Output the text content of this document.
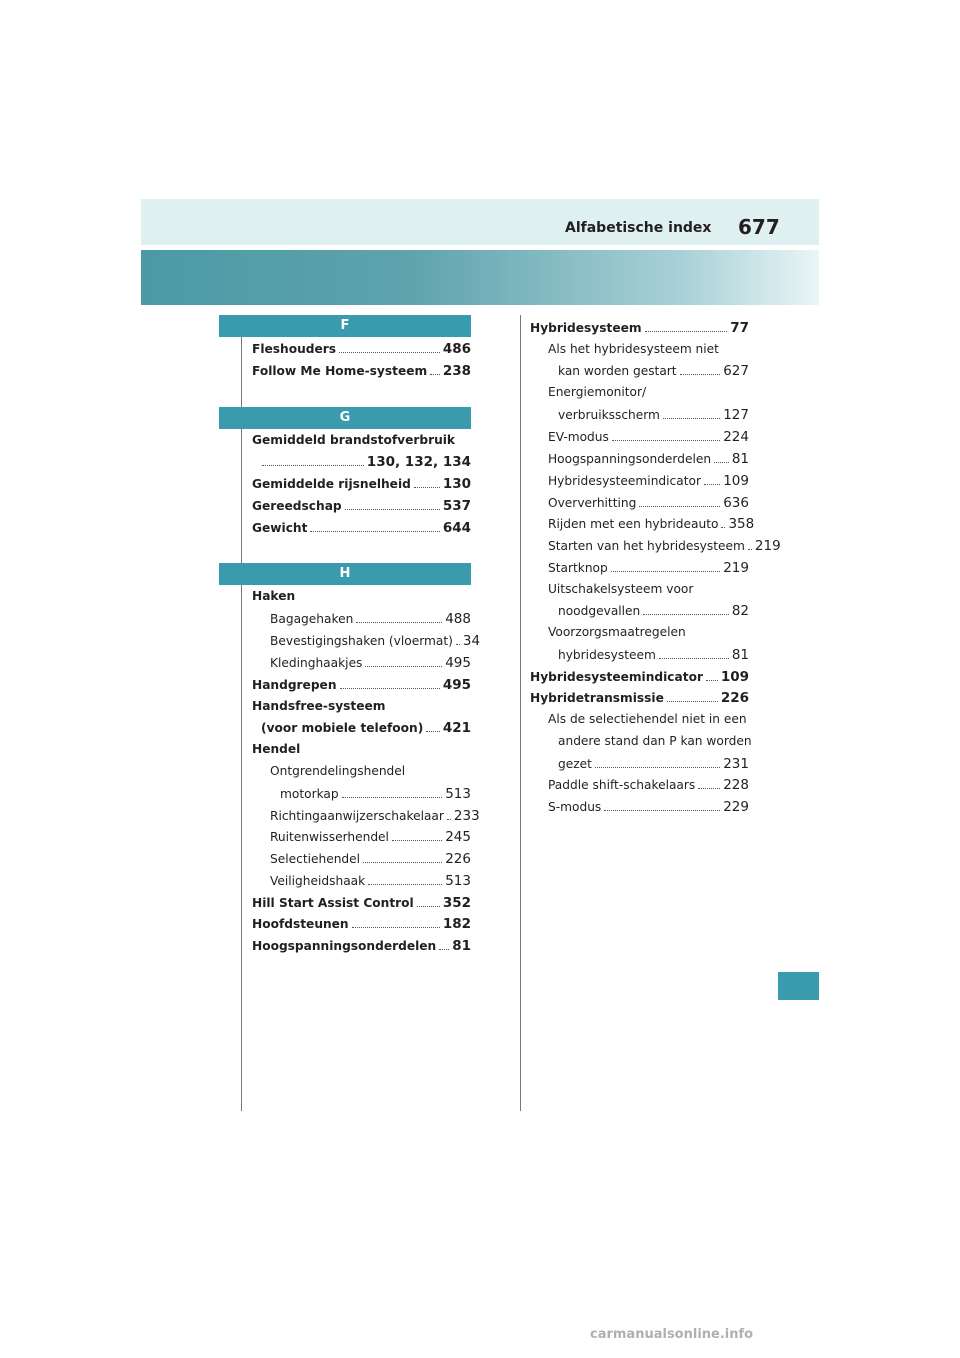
Alfabetische index 677
F
Fleshouders	486
Follow Me Home-systeem 238
G
Gemiddeld brandstofverbruik
130, 132, 134
Gemiddelde rijsnelheid 130
Gereedschap	537
Gewicht	644
H
Haken
Bagagehaken	488
Bevestigingshaken (vloermat) 34
Kledinghaakjes	495
Handgrepen	495
Handsfree-systeem
(voor mobiele telefoon) 421
Hendel
Ontgrendelingshendel
motorkap	513
Richtingaanwijzerschakelaar 233
Ruitenwisserhendel	245
Selectiehendel	226
Veiligheidshaak	513
Hill Start Assist Control 352
Hoofdsteunen	182
Hoogspanningsonderdelen 81
Hybridesysteem	77
Als het hybridesysteem niet
kan worden gestart	627
Energiemonitor/
verbruiksscherm	127
EV-modus	224
Hoogspanningsonderdelen 81
Hybridesysteemindicator 109
Oververhitting	636
Rijden met een hybrideauto 358
Starten van het hybridesysteem 219
Startknop	219
Uitschakelsysteem voor
noodgevallen	82
Voorzorgsmaatregelen
hybridesysteem	81
Hybridesysteemindicator 109
Hybridetransmissie	226
Als de selectiehendel niet in een
andere stand dan P kan worden
gezet	231
Paddle shift-schakelaars 228
S-modus	229
carmanualsonline.info
